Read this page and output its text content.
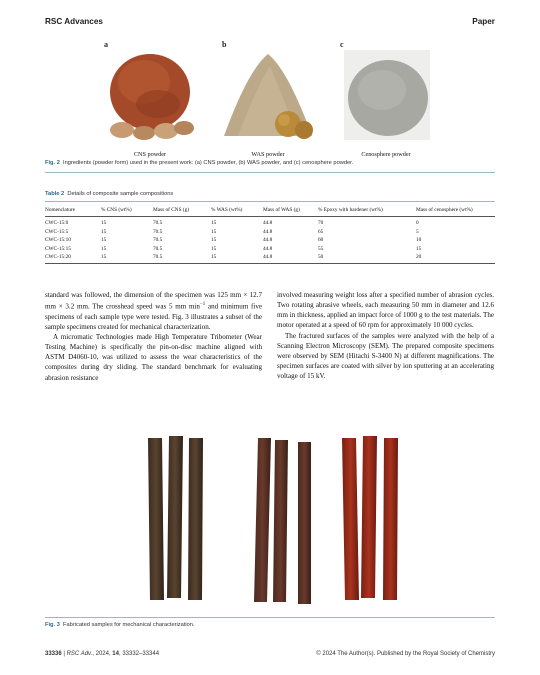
RSC Advances	Paper
a
CNS powder
b
WAS powder
c
Cenosphere powder
Fig. 2 Ingredients (powder form) used in the present work: (a) CNS powder, (b) WAS powder, and (c) cenosphere powder.
Table 2 Details of composite sample compositions
Nomenclature	% CNS (wt%)	Mass of CNS (g)	% WAS (wt%)	Mass of WAS (g)	% Epoxy with hardener (wt%)	Mass of cenosphere (wt%)
CWC-15:0	15	70.5	15	44.8	70	0
CWC-15:5	15	70.5	15	44.8	65	5
CWC-15:10	15	70.5	15	44.8	60	10
CWC-15:15	15	70.5	15	44.8	55	15
CWC-15:20	15	70.5	15	44.8	50	20

standard was followed, the dimension of the specimen was 125 mm × 12.7 mm × 3.2 mm. The crosshead speed was 5 mm $\min^{-1}$ and minimum five specimens of each sample type were tested. Fig. 3 illustrates a subset of the sample specimens created for mechanical characterization.

A micromatic Technologies made High Temperature Tribometer (Wear Testing Machine) is specifically the pin-on-disc machine aligned with ASTM D4060-10, was utilized to assess the wear characteristics of the composites during dry sliding. The standard benchmark for evaluating abrasion resistance

involved measuring weight loss after a specified number of abrasion cycles. Two rotating abrasive wheels, each measuring 50 mm in diameter and 12.6 mm in thickness, applied an impact force of 1000 g to the test materials. The motor operated at a speed of 60 rpm for approximately 10 000 cycles.

The fractured surfaces of the samples were analyzed with the help of a Scanning Electron Microscopy (SEM). The prepared composite specimens were observed by SEM (Hitachi S-3400 N) at different magnifications. The specimen surfaces are coated with silver by ion sputtering at an accelerating voltage of 15 kV.

Fig. 3 Fabricated samples for mechanical characterization.
33336 | RSC Adv., 2024, 14, 33332–33344	© 2024 The Author(s). Published by the Royal Society of Chemistry
